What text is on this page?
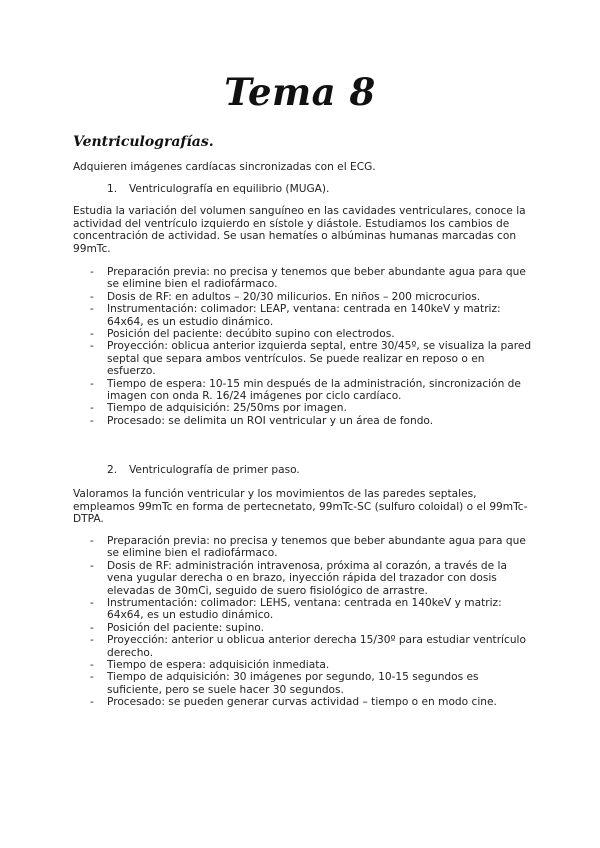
Tema 8
Ventriculografías.

Adquieren imágenes cardíacas sincronizadas con el ECG.

1. Ventriculografía en equilibrio (MUGA).

Estudia la variación del volumen sanguíneo en las cavidades ventriculares, conoce la actividad del ventrículo izquierdo en sístole y diástole. Estudiamos los cambios de concentración de actividad. Se usan hematíes o albúminas humanas marcadas con 99mTc.

- Preparación previa: no precisa y tenemos que beber abundante agua para que se elimine bien el radiofármaco.
- Dosis de RF: en adultos – 20/30 milicurios. En niños – 200 microcurios.
- Instrumentación: colimador: LEAP, ventana: centrada en 140keV y matriz: 64x64, es un estudio dinámico.
- Posición del paciente: decúbito supino con electrodos.
- Proyección: oblicua anterior izquierda septal, entre 30/45º, se visualiza la pared septal que separa ambos ventrículos. Se puede realizar en reposo o en esfuerzo.
- Tiempo de espera: 10-15 min después de la administración, sincronización de imagen con onda R. 16/24 imágenes por ciclo cardíaco.
- Tiempo de adquisición: 25/50ms por imagen.
- Procesado: se delimita un ROI ventricular y un área de fondo.

2. Ventriculografía de primer paso.

Valoramos la función ventricular y los movimientos de las paredes septales, empleamos 99mTc en forma de pertecnetato, 99mTc-SC (sulfuro coloidal) o el 99mTc-DTPA.

- Preparación previa: no precisa y tenemos que beber abundante agua para que se elimine bien el radiofármaco.
- Dosis de RF: administración intravenosa, próxima al corazón, a través de la vena yugular derecha o en brazo, inyección rápida del trazador con dosis elevadas de 30mCi, seguido de suero fisiológico de arrastre.
- Instrumentación: colimador: LEHS, ventana: centrada en 140keV y matriz: 64x64, es un estudio dinámico.
- Posición del paciente: supino.
- Proyección: anterior u oblicua anterior derecha 15/30º para estudiar ventrículo derecho.
- Tiempo de espera: adquisición inmediata.
- Tiempo de adquisición: 30 imágenes por segundo, 10-15 segundos es suficiente, pero se suele hacer 30 segundos.
- Procesado: se pueden generar curvas actividad – tiempo o en modo cine.
